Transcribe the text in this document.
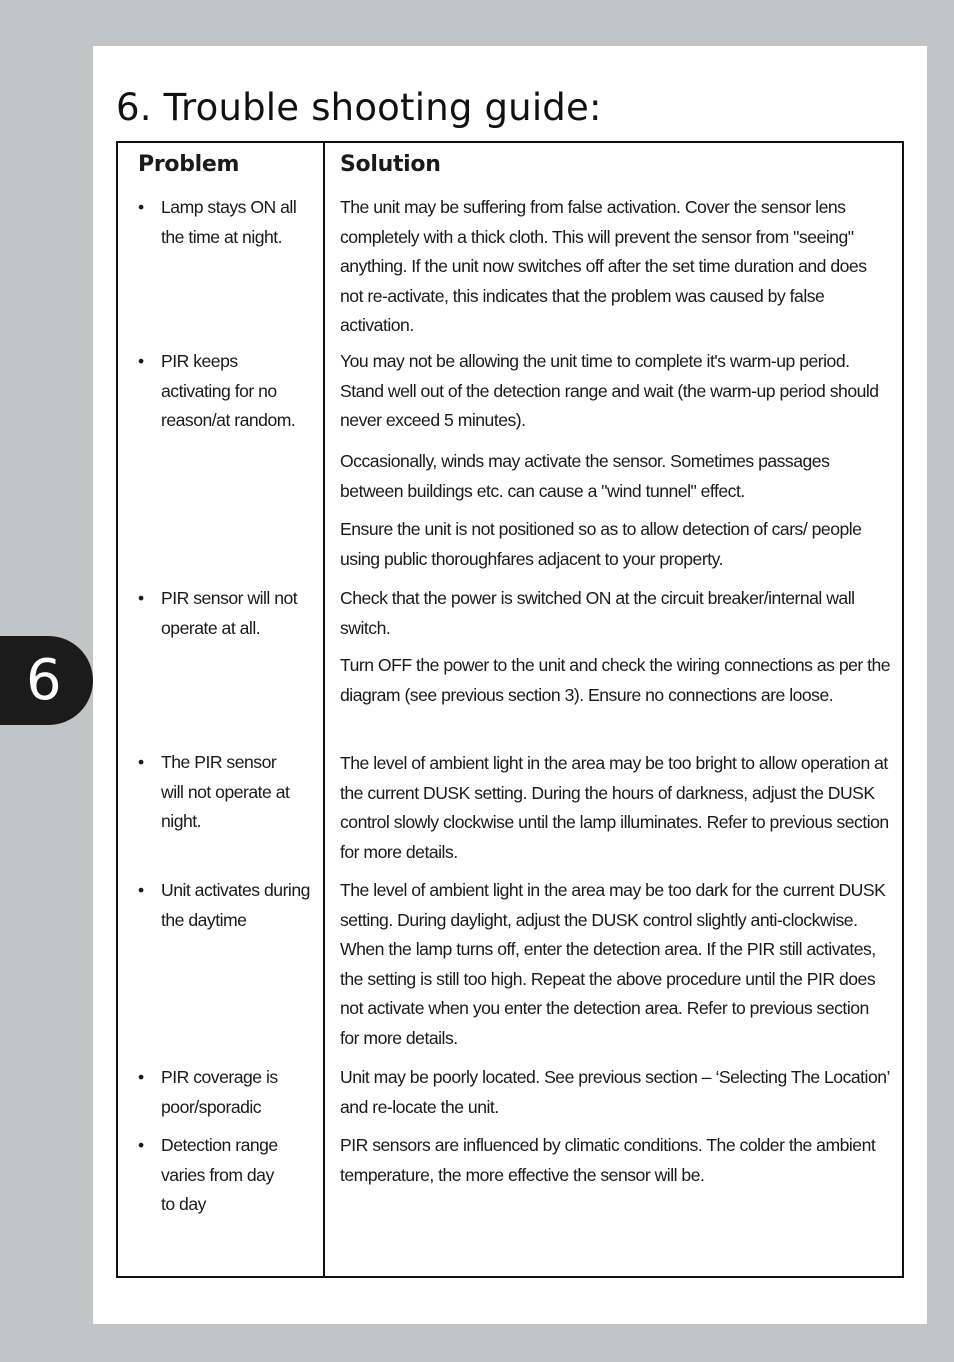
6. Trouble shooting guide:
6

Problem	Solution

• Lamp stays ON all the time at night.

• PIR keeps activating for no reason/at random.

• PIR sensor will not operate at all.

• The PIR sensor will not operate at night.

• Unit activates during the daytime

• PIR coverage is poor/sporadic

• Detection range varies from day to day

The unit may be suffering from false activation. Cover the sensor lens completely with a thick cloth. This will prevent the sensor from "seeing" anything. If the unit now switches off after the set time duration and does not re-activate, this indicates that the problem was caused by false activation.

You may not be allowing the unit time to complete it's warm-up period. Stand well out of the detection range and wait (the warm-up period should never exceed 5 minutes).

Occasionally, winds may activate the sensor. Sometimes passages between buildings etc. can cause a "wind tunnel" effect.

Ensure the unit is not positioned so as to allow detection of cars/ people using public thoroughfares adjacent to your property.

Check that the power is switched ON at the circuit breaker/internal wall switch.

Turn OFF the power to the unit and check the wiring connections as per the diagram (see previous section 3). Ensure no connections are loose.

The level of ambient light in the area may be too bright to allow operation at the current DUSK setting. During the hours of darkness, adjust the DUSK control slowly clockwise until the lamp illuminates. Refer to previous section for more details.

The level of ambient light in the area may be too dark for the current DUSK setting. During daylight, adjust the DUSK control slightly anti-clockwise. When the lamp turns off, enter the detection area. If the PIR still activates, the setting is still too high. Repeat the above procedure until the PIR does not activate when you enter the detection area. Refer to previous section for more details.

Unit may be poorly located. See previous section – ‘Selecting The Location’ and re-locate the unit.

PIR sensors are influenced by climatic conditions. The colder the ambient temperature, the more effective the sensor will be.
